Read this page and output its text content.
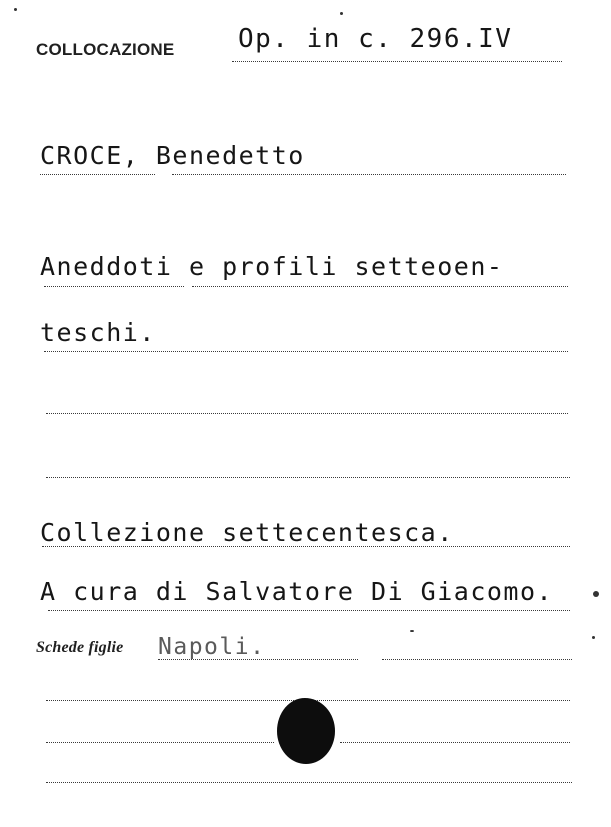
COLLOCAZIONE Op. in c. 296.IV
CROCE, Benedetto
Aneddoti e profili setteoen-
teschi.
Collezione settecentesca.
A cura di Salvatore Di Giacomo.
Schede figlie Napoli.
